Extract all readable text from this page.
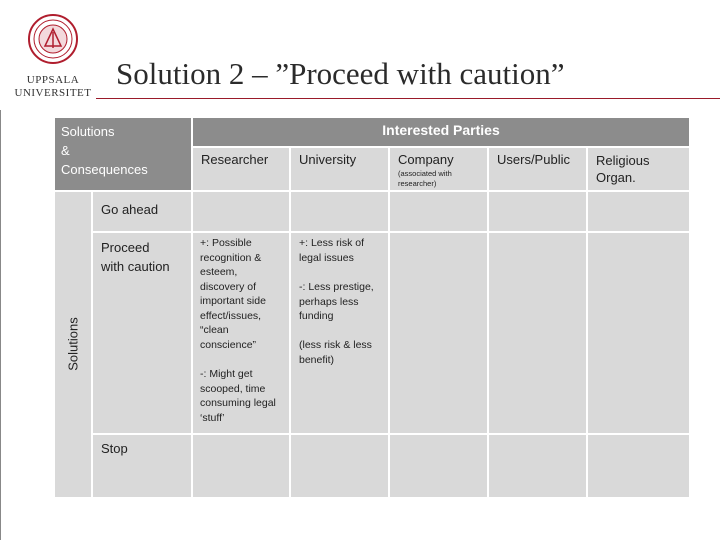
UPPSALA
UNIVERSITET
Solution 2 – ”Proceed with caution”
Solutions
&
Consequences
Interested Parties
Researcher University	Company
(associated with researcher)
Users/Public Religious Organ.
Solutions
Go ahead
Proceed
with caution
+: Possible recognition & esteem, discovery of important side effect/issues, “clean conscience”
-: Might get scooped, time consuming legal ‘stuff’
+: Less risk of legal issues
-: Less prestige, perhaps less funding
(less risk & less benefit)
Stop
